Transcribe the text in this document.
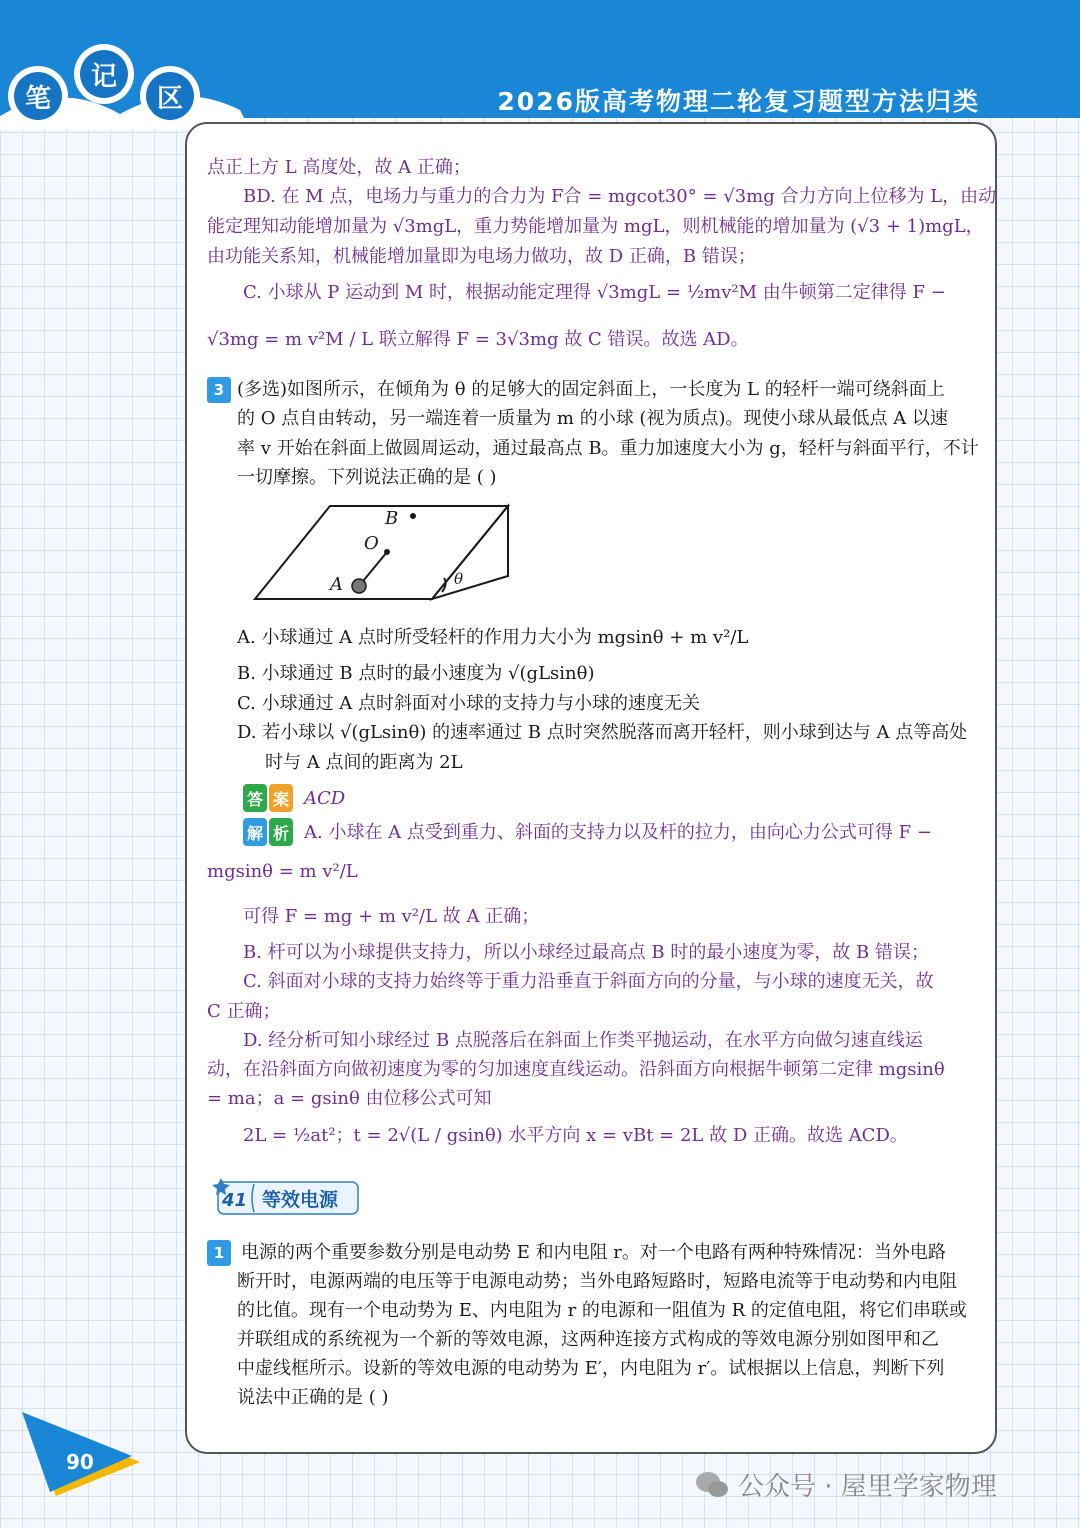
笔
记
区	2026版高考物理二轮复习题型方法归类
点正上方 L 高度处，故 A 正确；
BD. 在 M 点，电场力与重力的合力为 F合 = mgcot30° = √3mg 合力方向上位移为 L，由动
能定理知动能增加量为 √3mgL，重力势能增加量为 mgL，则机械能的增加量为 (√3 + 1)mgL，
由功能关系知，机械能增加量即为电场力做功，故 D 正确，B 错误；
C. 小球从 P 运动到 M 时，根据动能定理得 √3mgL = ½mv²M 由牛顿第二定律得 F −
√3mg = m v²M / L 联立解得 F = 3√3mg 故 C 错误。故选 AD。
3 (多选)如图所示，在倾角为 θ 的足够大的固定斜面上，一长度为 L 的轻杆一端可绕斜面上
的 O 点自由转动，另一端连着一质量为 m 的小球 (视为质点)。现使小球从最低点 A 以速
率 v 开始在斜面上做圆周运动，通过最高点 B。重力加速度大小为 g，轻杆与斜面平行，不计
一切摩擦。下列说法正确的是 ( )
B
O
A	θ
A. 小球通过 A 点时所受轻杆的作用力大小为 mgsinθ + m v²/L
B. 小球通过 B 点时的最小速度为 √(gLsinθ)
C. 小球通过 A 点时斜面对小球的支持力与小球的速度无关
D. 若小球以 √(gLsinθ) 的速率通过 B 点时突然脱落而离开轻杆，则小球到达与 A 点等高处
时与 A 点间的距离为 2L
答 案 ACD
解 析 A. 小球在 A 点受到重力、斜面的支持力以及杆的拉力，由向心力公式可得 F −
mgsinθ = m v²/L
可得 F = mg + m v²/L 故 A 正确；
B. 杆可以为小球提供支持力，所以小球经过最高点 B 时的最小速度为零，故 B 错误；
C. 斜面对小球的支持力始终等于重力沿垂直于斜面方向的分量，与小球的速度无关，故
C 正确；
D. 经分析可知小球经过 B 点脱落后在斜面上作类平抛运动，在水平方向做匀速直线运
动，在沿斜面方向做初速度为零的匀加速度直线运动。沿斜面方向根据牛顿第二定律 mgsinθ
= ma；a = gsinθ 由位移公式可知
2L = ½at²；t = 2√(L / gsinθ) 水平方向 x = vBt = 2L 故 D 正确。故选 ACD。
41 等效电源
1 电源的两个重要参数分别是电动势 E 和内电阻 r。对一个电路有两种特殊情况：当外电路
断开时，电源两端的电压等于电源电动势；当外电路短路时，短路电流等于电动势和内电阻
的比值。现有一个电动势为 E、内电阻为 r 的电源和一阻值为 R 的定值电阻，将它们串联或
并联组成的系统视为一个新的等效电源，这两种连接方式构成的等效电源分别如图甲和乙
中虚线框所示。设新的等效电源的电动势为 E′，内电阻为 r′。试根据以上信息，判断下列
说法中正确的是 ( )
90
公众号 · 屋里学家物理
